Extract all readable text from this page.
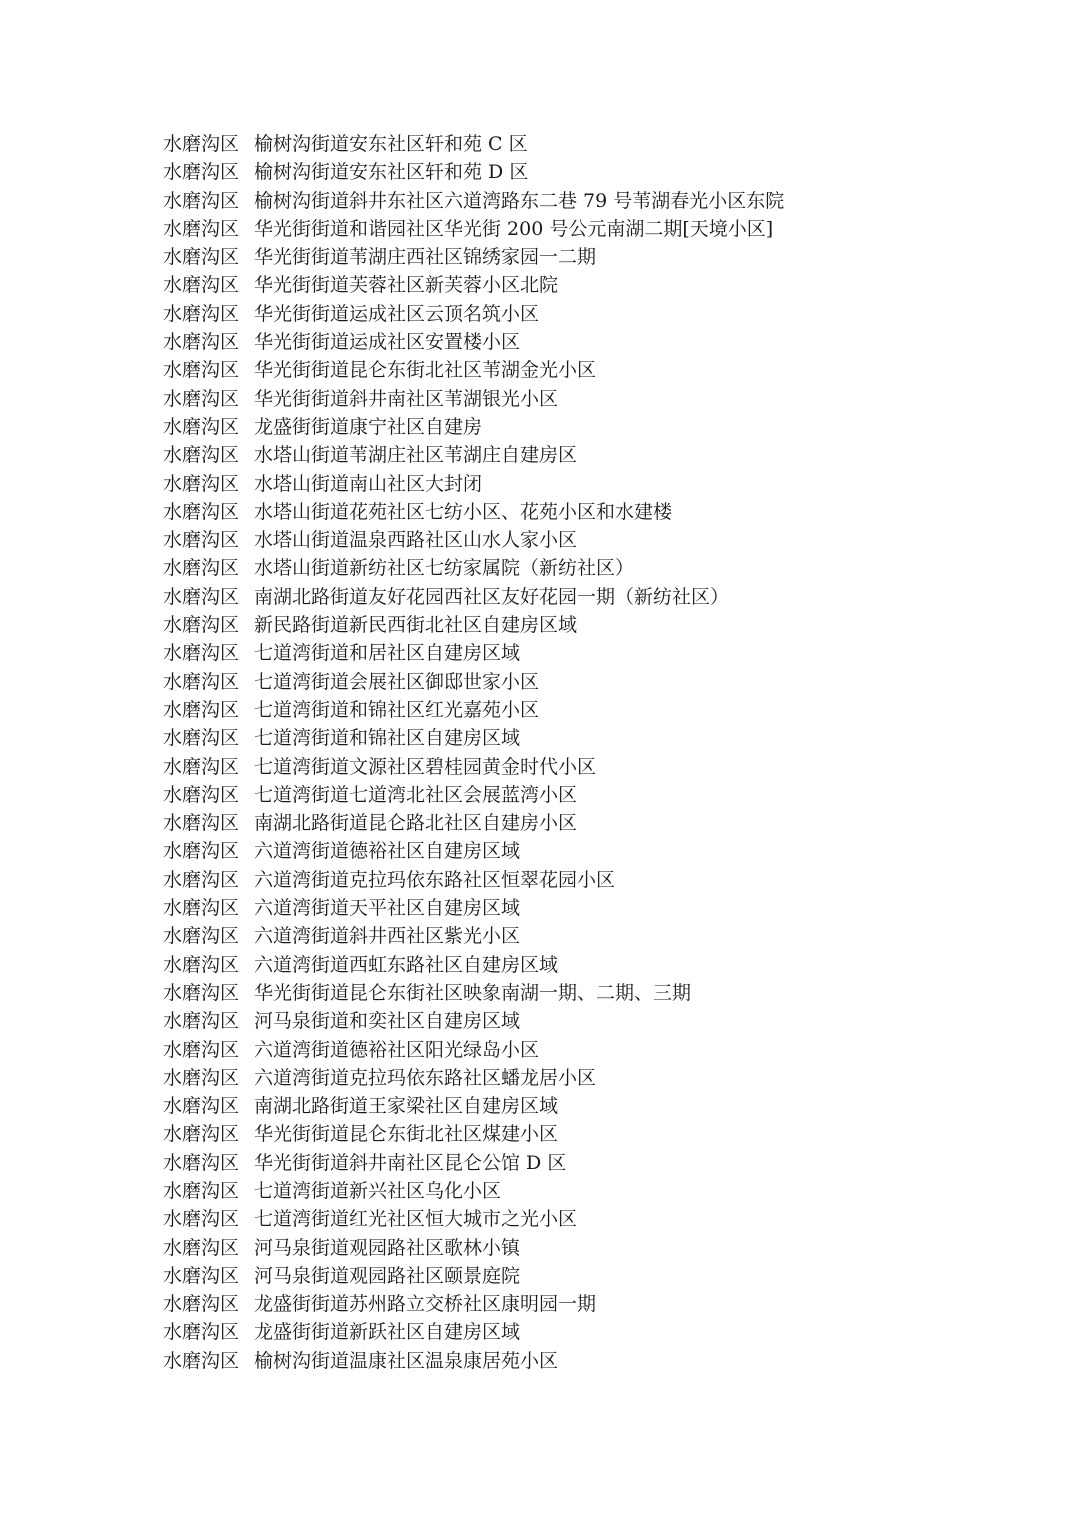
水磨沟区 榆树沟街道安东社区轩和苑 C 区
水磨沟区 榆树沟街道安东社区轩和苑 D 区
水磨沟区 榆树沟街道斜井东社区六道湾路东二巷 79 号苇湖春光小区东院
水磨沟区 华光街街道和谐园社区华光街 200 号公元南湖二期[天境小区]
水磨沟区 华光街街道苇湖庄西社区锦绣家园一二期
水磨沟区 华光街街道芙蓉社区新芙蓉小区北院
水磨沟区 华光街街道运成社区云顶名筑小区
水磨沟区 华光街街道运成社区安置楼小区
水磨沟区 华光街街道昆仑东街北社区苇湖金光小区
水磨沟区 华光街街道斜井南社区苇湖银光小区
水磨沟区 龙盛街街道康宁社区自建房
水磨沟区 水塔山街道苇湖庄社区苇湖庄自建房区
水磨沟区 水塔山街道南山社区大封闭
水磨沟区 水塔山街道花苑社区七纺小区、花苑小区和水建楼
水磨沟区 水塔山街道温泉西路社区山水人家小区
水磨沟区 水塔山街道新纺社区七纺家属院（新纺社区）
水磨沟区 南湖北路街道友好花园西社区友好花园一期（新纺社区）
水磨沟区 新民路街道新民西街北社区自建房区域
水磨沟区 七道湾街道和居社区自建房区域
水磨沟区 七道湾街道会展社区御邸世家小区
水磨沟区 七道湾街道和锦社区红光嘉苑小区
水磨沟区 七道湾街道和锦社区自建房区域
水磨沟区 七道湾街道文源社区碧桂园黄金时代小区
水磨沟区 七道湾街道七道湾北社区会展蓝湾小区
水磨沟区 南湖北路街道昆仑路北社区自建房小区
水磨沟区 六道湾街道德裕社区自建房区域
水磨沟区 六道湾街道克拉玛依东路社区恒翠花园小区
水磨沟区 六道湾街道天平社区自建房区域
水磨沟区 六道湾街道斜井西社区紫光小区
水磨沟区 六道湾街道西虹东路社区自建房区域
水磨沟区 华光街街道昆仑东街社区映象南湖一期、二期、三期
水磨沟区 河马泉街道和奕社区自建房区域
水磨沟区 六道湾街道德裕社区阳光绿岛小区
水磨沟区 六道湾街道克拉玛依东路社区蟠龙居小区
水磨沟区 南湖北路街道王家梁社区自建房区域
水磨沟区 华光街街道昆仑东街北社区煤建小区
水磨沟区 华光街街道斜井南社区昆仑公馆 D 区
水磨沟区 七道湾街道新兴社区乌化小区
水磨沟区 七道湾街道红光社区恒大城市之光小区
水磨沟区 河马泉街道观园路社区歌林小镇
水磨沟区 河马泉街道观园路社区颐景庭院
水磨沟区 龙盛街街道苏州路立交桥社区康明园一期
水磨沟区 龙盛街街道新跃社区自建房区域
水磨沟区 榆树沟街道温康社区温泉康居苑小区
